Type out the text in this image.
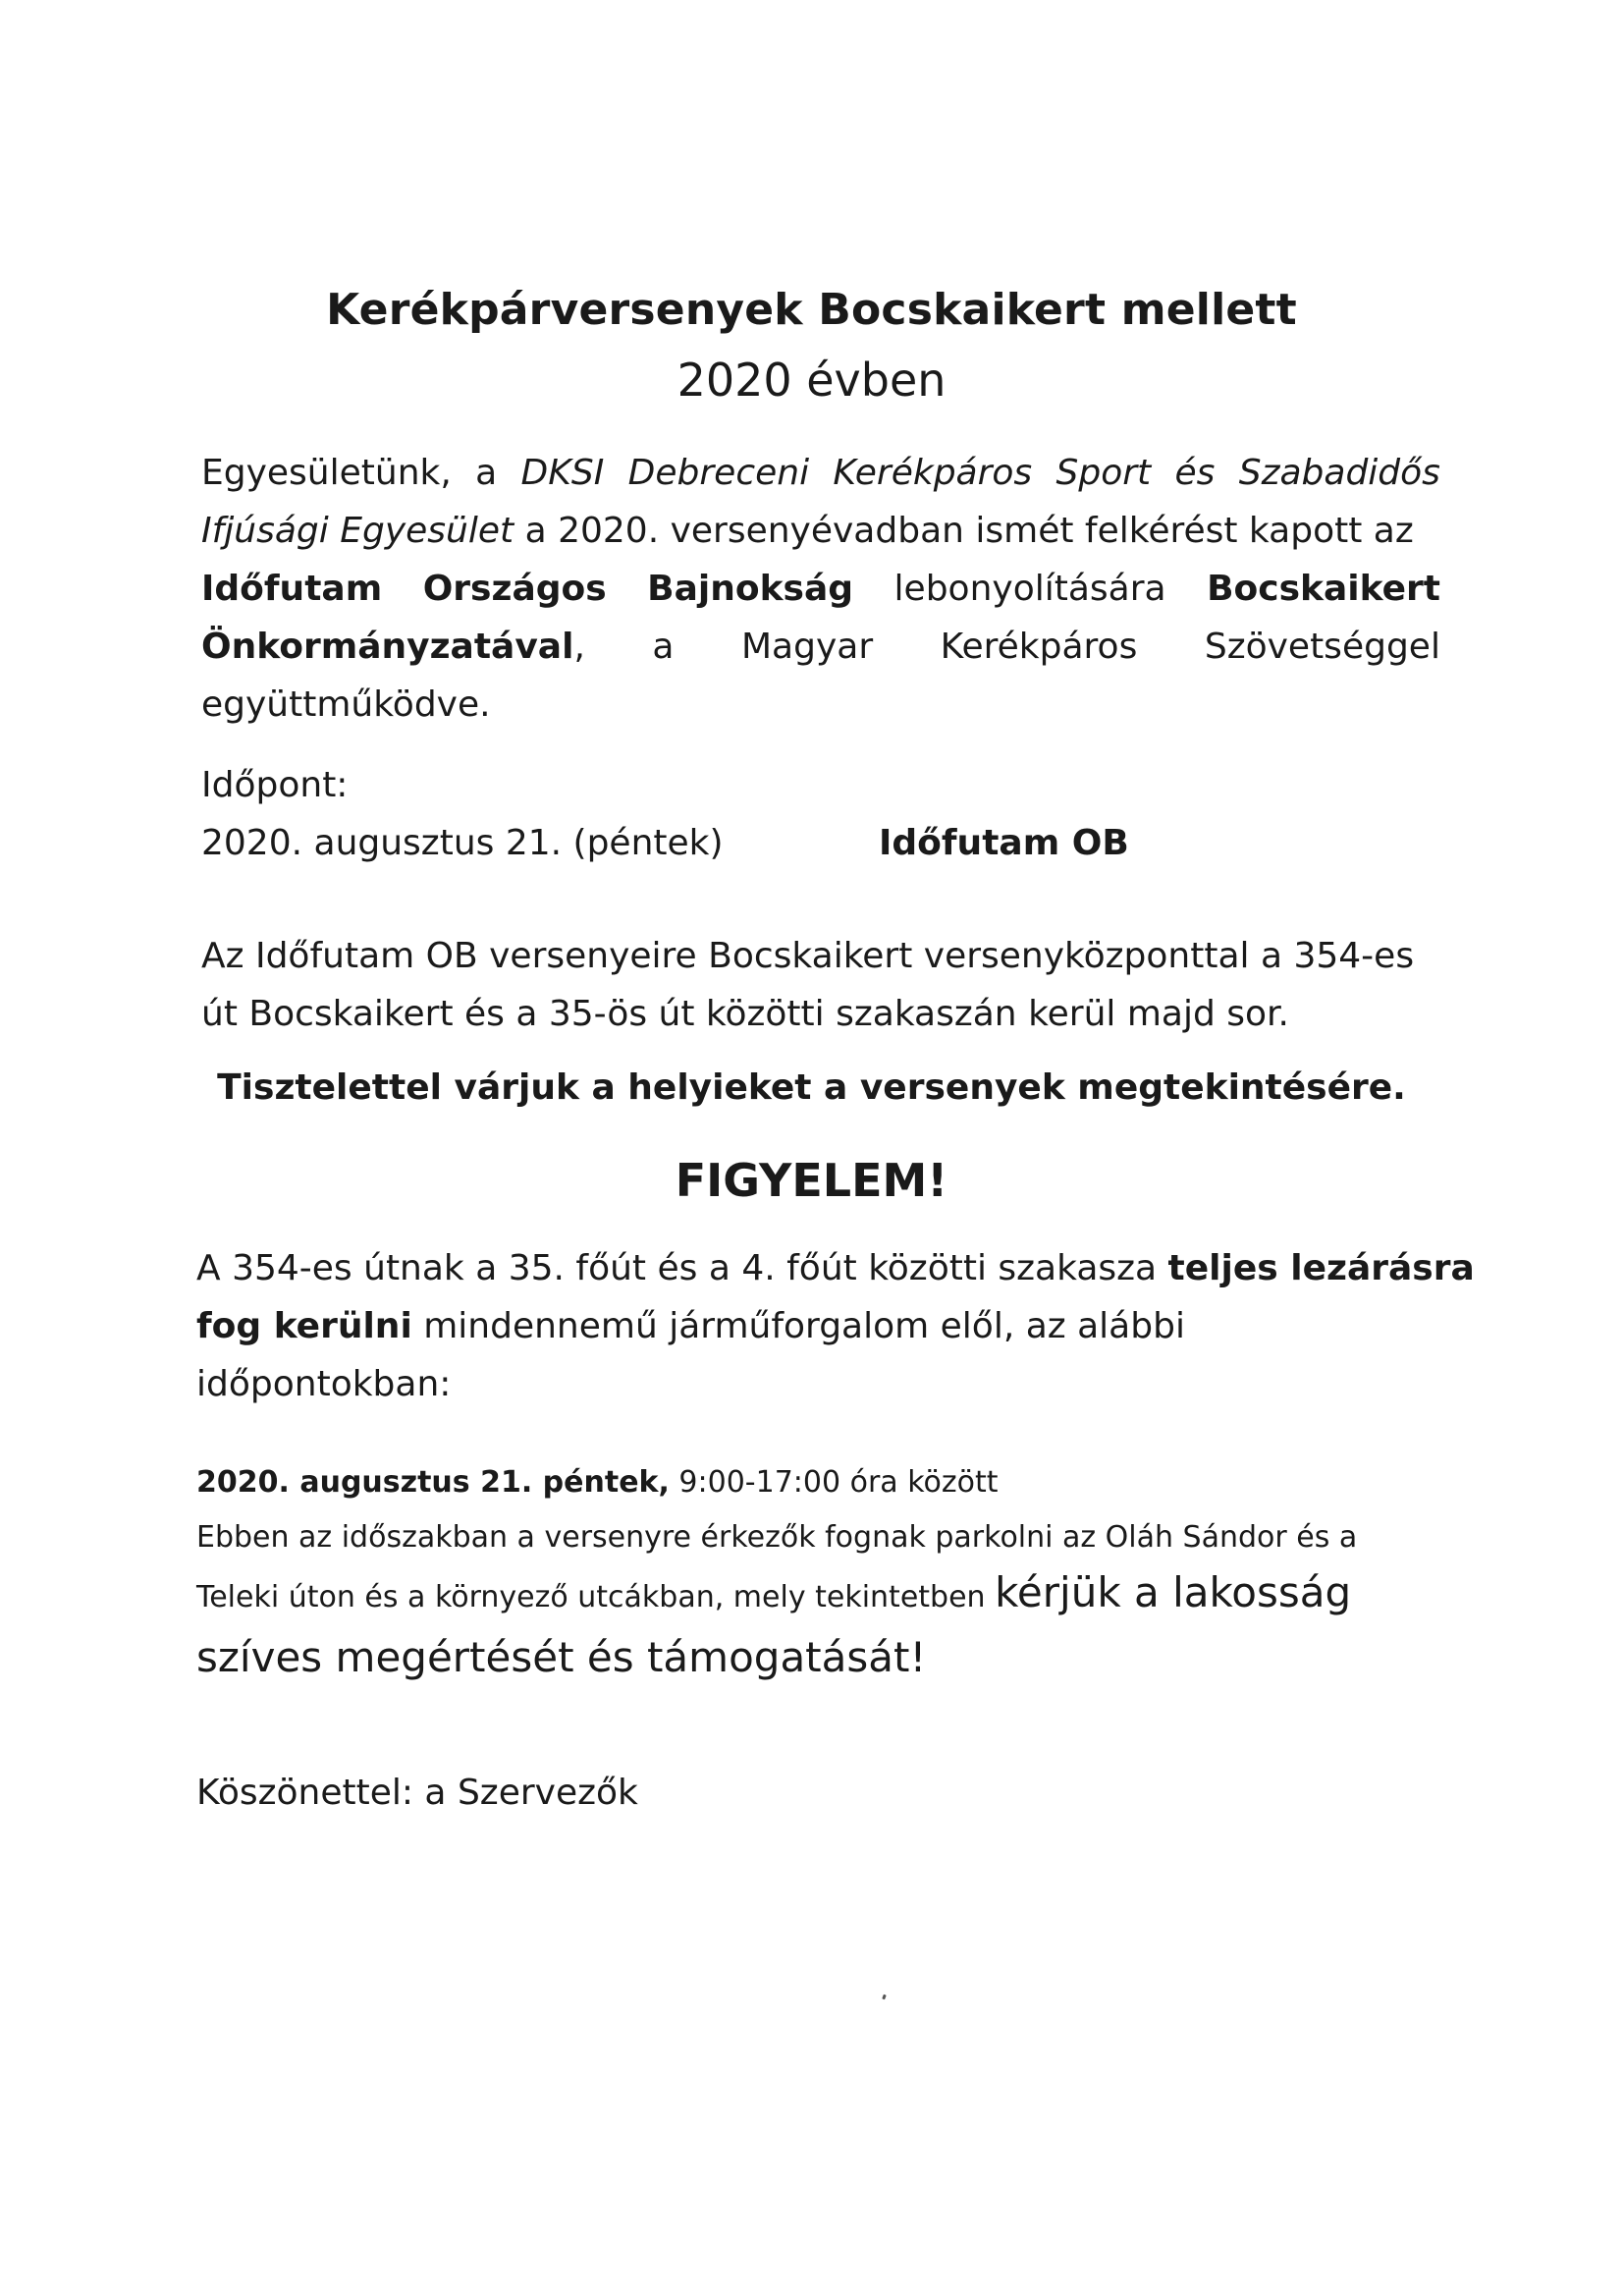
Kerékpárversenyek Bocskaikert mellett
2020 évben
Egyesületünk, a DKSI Debreceni Kerékpáros Sport és Szabadidős
Ifjúsági Egyesület a 2020. versenyévadban ismét felkérést kapott az
Időfutam Országos Bajnokság lebonyolítására Bocskaikert
Önkormányzatával, a Magyar Kerékpáros Szövetséggel
együttműködve.
Időpont:
2020. augusztus 21. (péntek)	Időfutam OB
Az Időfutam OB versenyeire Bocskaikert versenyközponttal a 354-es
út Bocskaikert és a 35-ös út közötti szakaszán kerül majd sor.
Tisztelettel várjuk a helyieket a versenyek megtekintésére.
FIGYELEM!
A 354-es útnak a 35. főút és a 4. főút közötti szakasza teljes lezárásra
fog kerülni mindennemű járműforgalom elől, az alábbi
időpontokban:
2020. augusztus 21. péntek, 9:00-17:00 óra között
Ebben az időszakban a versenyre érkezők fognak parkolni az Oláh Sándor és a
Teleki úton és a környező utcákban, mely tekintetben kérjük a lakosság
szíves megértését és támogatását!
Köszönettel: a Szervezők
